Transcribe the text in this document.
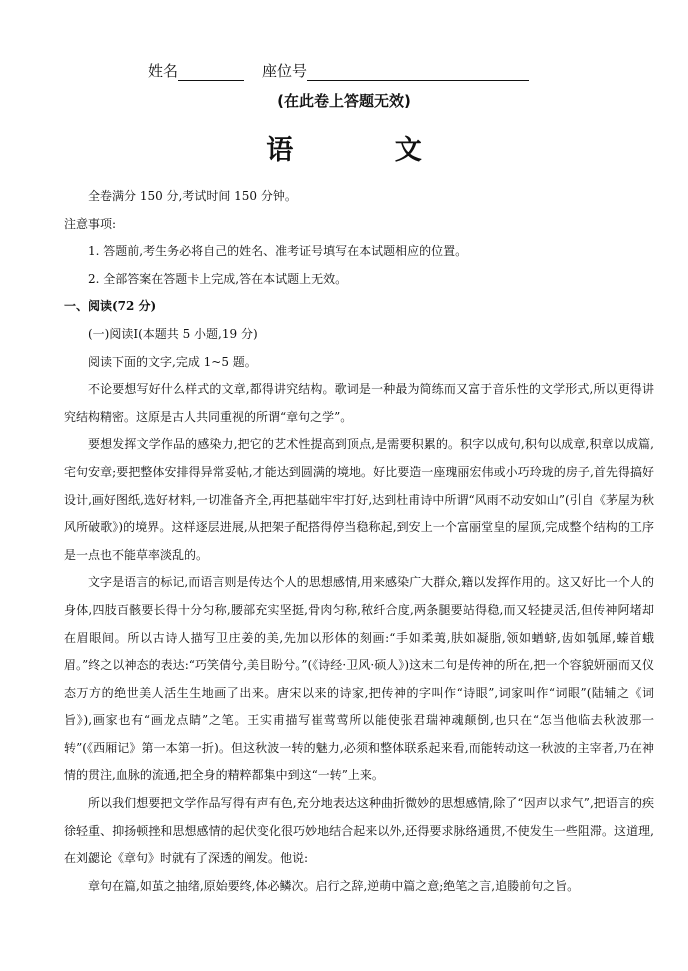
姓名	座位号
(在此卷上答题无效)
语 文

全卷满分 150 分,考试时间 150 分钟。

注意事项:

1. 答题前,考生务必将自己的姓名、准考证号填写在本试题相应的位置。

2. 全部答案在答题卡上完成,答在本试题上无效。

一、阅读(72 分)

(一)阅读Ⅰ(本题共 5 小题,19 分)

阅读下面的文字,完成 1~5 题。

不论要想写好什么样式的文章,都得讲究结构。歌词是一种最为简练而又富于音乐性的文学形式,所以更得讲究结构精密。这原是古人共同重视的所谓“章句之学”。

要想发挥文学作品的感染力,把它的艺术性提高到顶点,是需要积累的。积字以成句,积句以成章,积章以成篇,宅句安章;要把整体安排得异常妥帖,才能达到圆满的境地。好比要造一座瑰丽宏伟或小巧玲珑的房子,首先得搞好设计,画好图纸,选好材料,一切准备齐全,再把基础牢牢打好,达到杜甫诗中所谓“风雨不动安如山”(引自《茅屋为秋风所破歌》)的境界。这样逐层进展,从把架子配搭得停当稳称起,到安上一个富丽堂皇的屋顶,完成整个结构的工序是一点也不能草率淡乱的。

文字是语言的标记,而语言则是传达个人的思想感情,用来感染广大群众,籍以发挥作用的。这又好比一个人的身体,四肢百骸要长得十分匀称,腰部充实坚挺,骨肉匀称,秾纤合度,两条腿要站得稳,而又轻捷灵活,但传神阿堵却在眉眼间。所以古诗人描写卫庄姜的美,先加以形体的刻画:“手如柔荑,肤如凝脂,领如蝤蛴,齿如瓠犀,螓首蛾眉。”终之以神态的表达:“巧笑倩兮,美目盼兮。”(《诗经·卫风·硕人》)这末二句是传神的所在,把一个容貌妍丽而又仪态万方的绝世美人活生生地画了出来。唐宋以来的诗家,把传神的字叫作“诗眼”,词家叫作“词眼”(陆辅之《词旨》),画家也有“画龙点睛”之笔。王实甫描写崔莺莺所以能使张君瑞神魂颠倒,也只在“怎当他临去秋波那一转”(《西厢记》第一本第一折)。但这秋波一转的魅力,必须和整体联系起来看,而能转动这一秋波的主宰者,乃在神情的贯注,血脉的流通,把全身的精粹都集中到这“一转”上来。

所以我们想要把文学作品写得有声有色,充分地表达这种曲折微妙的思想感情,除了“因声以求气”,把语言的疾徐轻重、抑扬顿挫和思想感情的起伏变化很巧妙地结合起来以外,还得要求脉络通贯,不使发生一些阻滞。这道理,在刘勰论《章句》时就有了深透的阐发。他说:

章句在篇,如茧之抽绪,原始要终,体必鳞次。启行之辞,逆萌中篇之意;绝笔之言,追媵前句之旨。
